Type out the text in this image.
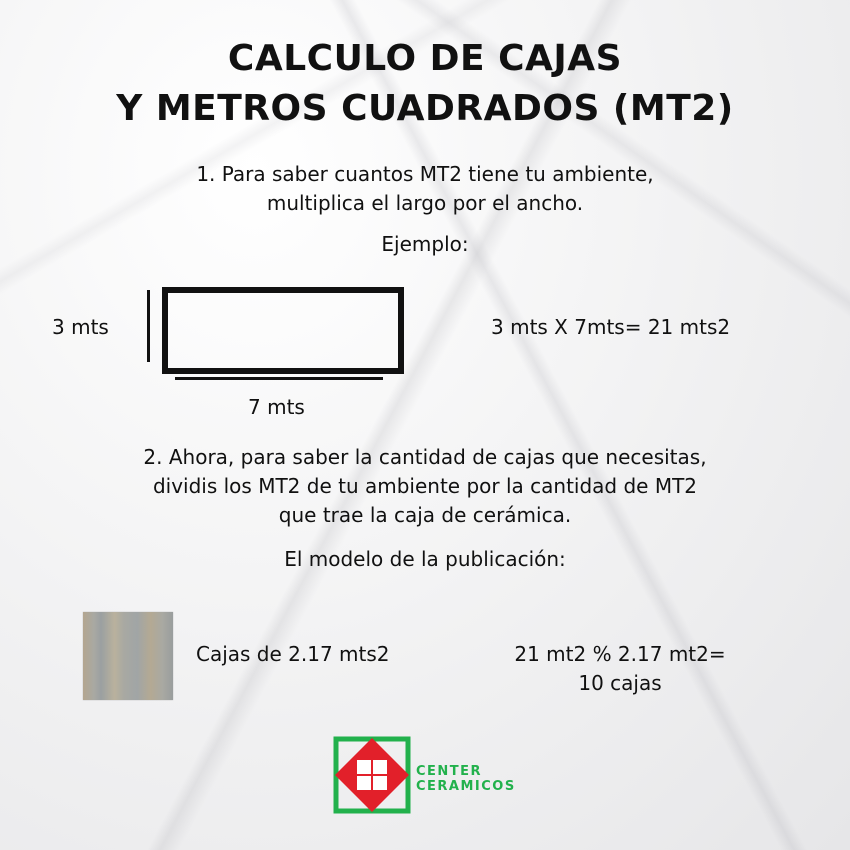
CALCULO DE CAJAS
Y METROS CUADRADOS (MT2)
1. Para saber cuantos MT2 tiene tu ambiente,
multiplica el largo por el ancho.
Ejemplo:
3 mts
7 mts
3 mts X 7mts= 21 mts2
2. Ahora, para saber la cantidad de cajas que necesitas,
dividis los MT2 de tu ambiente por la cantidad de MT2
que trae la caja de cerámica.
El modelo de la publicación:
Cajas de 2.17 mts2	21 mt2 % 2.17 mt2=
10 cajas
CENTER
CERAMICOS
